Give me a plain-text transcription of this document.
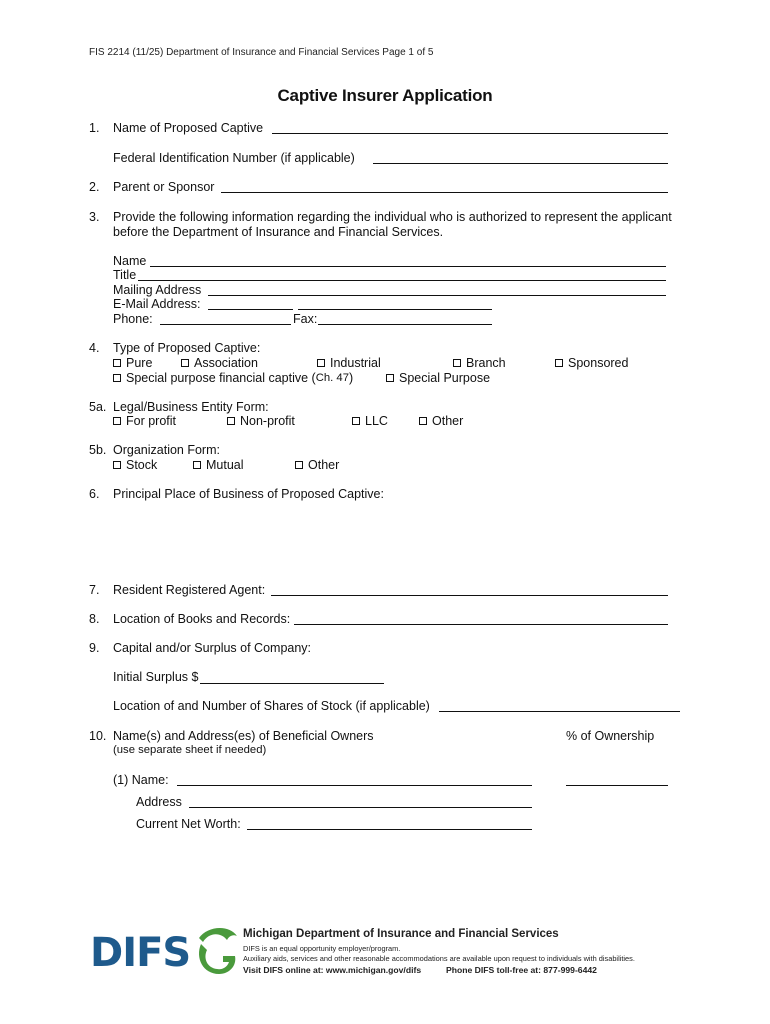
FIS 2214 (11/25) Department of Insurance and Financial Services Page 1 of 5
Captive Insurer Application
1. Name of Proposed Captive
Federal Identification Number (if applicable)
2. Parent or Sponsor
3. Provide the following information regarding the individual who is authorized to represent the applicant
before the Department of Insurance and Financial Services.
Name
Title
Mailing Address
E-Mail Address:
Phone:	Fax:
4. Type of Proposed Captive:
Pure	Association	Industrial	Branch	Sponsored
Special purpose financial captive ( Ch. 47 )	Special Purpose
5a. Legal/Business Entity Form:
For profit	Non-profit	LLC	Other
5b. Organization Form:
Stock	Mutual	Other
6. Principal Place of Business of Proposed Captive:
7. Resident Registered Agent:
8. Location of Books and Records:
9. Capital and/or Surplus of Company:
Initial Surplus $
Location of and Number of Shares of Stock (if applicable)
10. Name(s) and Address(es) of Beneficial Owners	% of Ownership
(use separate sheet if needed)
(1) Name:
Address
Current Net Worth:
DIFS	Michigan Department of Insurance and Financial Services
DIFS is an equal opportunity employer/program.
Auxiliary aids, services and other reasonable accommodations are available upon request to individuals with disabilities.
Visit DIFS online at: www.michigan.gov/difs	Phone DIFS toll-free at: 877-999-6442
